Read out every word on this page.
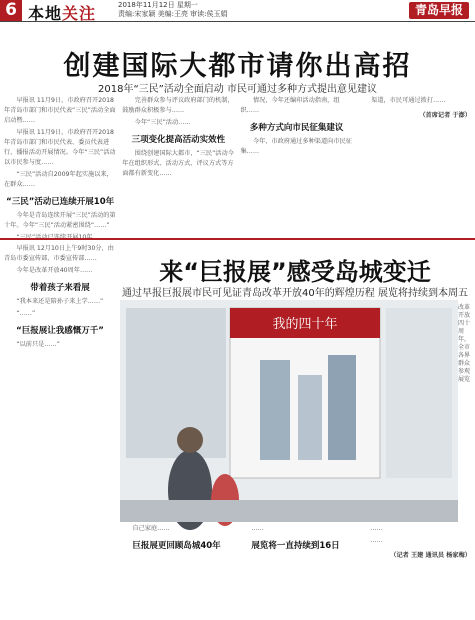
6 本地关注	2018年11月12日 星期一
责编:宋家颖 美编:王亮 审读:侯玉娟	青岛早报
创建国际大都市请你出高招
2018年“三民”活动全面启动 市民可通过多种方式提出意见建议
早报讯 11月9日，市政府召开2018年青岛市部门和市民代表“三民”活动全面启动暨……
早报讯 11月9日，市政府召开2018年青岛市部门和市民代表、委员代表进行，播报活动开展情况。今年“三民”活动以市民参与度……
“三民”活动自2009年起实施以来，在群众……
“三民”活动已连续开展10年
今年是青岛连续开展“三民”活动的第十年。今年“三民”活动紧密围绕“……”
“三民”活动已连续开展10年……
完善群众参与评议政府部门的机制，鼓励群众积极参与……
今年“三民”活动……
三项变化提高活动实效性
围绕创建国际大都市，“三民”活动今年在组织形式、活动方式、评议方式等方面都有新变化……
情况，今年还编印活动指南，组织……
多种方式向市民征集建议
今年，市政府通过多种渠道向市民征集……
渠道，市民可通过拨打……
（首席记者 于澎）
早报讯 12月10日上午9时30分，由青岛市委宣传部、市委宣传部……
今年是改革开放40周年……
带着孩子来看展
“我本来还是陪孙子来上学……”
“……”
“巨报展让我感慨万千”
“以前只是……”
来“巨报展”感受岛城变迁
通过早报巨报展市民可见证青岛改革开放40年的辉煌历程 展览将持续到本周五
我的四十年
改革开放四十周年，全市各界群众参观展览
自己家庭……
巨报展更回顾岛城40年
……
展览将一直持续到16日
……
……
（记者 王建 通讯员 杨家梅）
